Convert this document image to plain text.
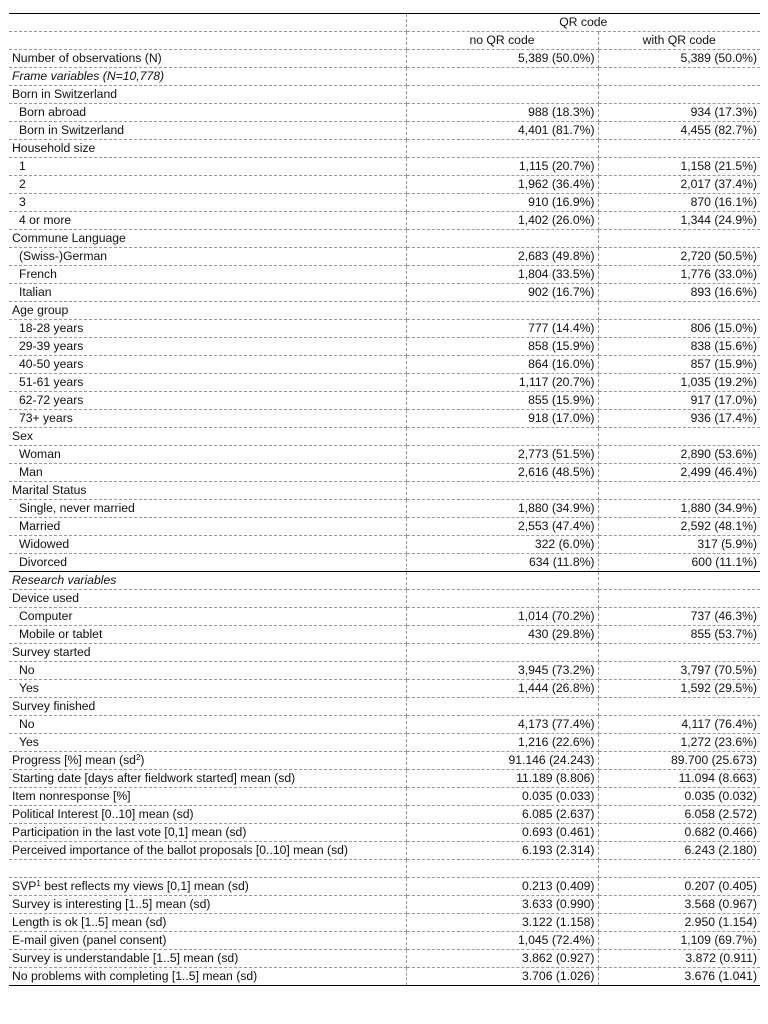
	QR code	
	no QR code	with QR code
Number of observations (N)	5,389 (50.0%)	5,389 (50.0%)
Frame variables (N=10,778)		
Born in Switzerland		
Born abroad	988 (18.3%)	934 (17.3%)
Born in Switzerland	4,401 (81.7%)	4,455 (82.7%)
Household size		
1	1,115 (20.7%)	1,158 (21.5%)
2	1,962 (36.4%)	2,017 (37.4%)
3	910 (16.9%)	870 (16.1%)
4 or more	1,402 (26.0%)	1,344 (24.9%)
Commune Language		
(Swiss-)German	2,683 (49.8%)	2,720 (50.5%)
French	1,804 (33.5%)	1,776 (33.0%)
Italian	902 (16.7%)	893 (16.6%)
Age group		
18-28 years	777 (14.4%)	806 (15.0%)
29-39 years	858 (15.9%)	838 (15.6%)
40-50 years	864 (16.0%)	857 (15.9%)
51-61 years	1,117 (20.7%)	1,035 (19.2%)
62-72 years	855 (15.9%)	917 (17.0%)
73+ years	918 (17.0%)	936 (17.4%)
Sex		
Woman	2,773 (51.5%)	2,890 (53.6%)
Man	2,616 (48.5%)	2,499 (46.4%)
Marital Status		
Single, never married	1,880 (34.9%)	1,880 (34.9%)
Married	2,553 (47.4%)	2,592 (48.1%)
Widowed	322 (6.0%)	317 (5.9%)
Divorced	634 (11.8%)	600 (11.1%)
Research variables		
Device used		
Computer	1,014 (70.2%)	737 (46.3%)
Mobile or tablet	430 (29.8%)	855 (53.7%)
Survey started		
No	3,945 (73.2%)	3,797 (70.5%)
Yes	1,444 (26.8%)	1,592 (29.5%)
Survey finished		
No	4,173 (77.4%)	4,117 (76.4%)
Yes	1,216 (22.6%)	1,272 (23.6%)
Progress [%] mean $(sd^2)$	91.146 (24.243)	89.700 (25.673)
Starting date [days after fieldwork started] mean (sd)	11.189 (8.806)	11.094 (8.663)
Item nonresponse [%]	0.035 (0.033)	0.035 (0.032)
Political Interest [0..10] mean (sd)	6.085 (2.637)	6.058 (2.572)
Participation in the last vote [0,1] mean (sd)	0.693 (0.461)	0.682 (0.466)
Perceived importance of the ballot proposals [0..10] mean (sd)	6.193 (2.314)	6.243 (2.180)

SVP$^1$ best reflects my views [0,1] mean (sd)	0.213 (0.409)	0.207 (0.405)
Survey is interesting [1..5] mean (sd)	3.633 (0.990)	3.568 (0.967)
Length is ok [1..5] mean (sd)	3.122 (1.158)	2.950 (1.154)
E-mail given (panel consent)	1,045 (72.4%)	1,109 (69.7%)
Survey is understandable [1..5] mean (sd)	3.862 (0.927)	3.872 (0.911)
No problems with completing [1..5] mean (sd)	3.706 (1.026)	3.676 (1.041)
